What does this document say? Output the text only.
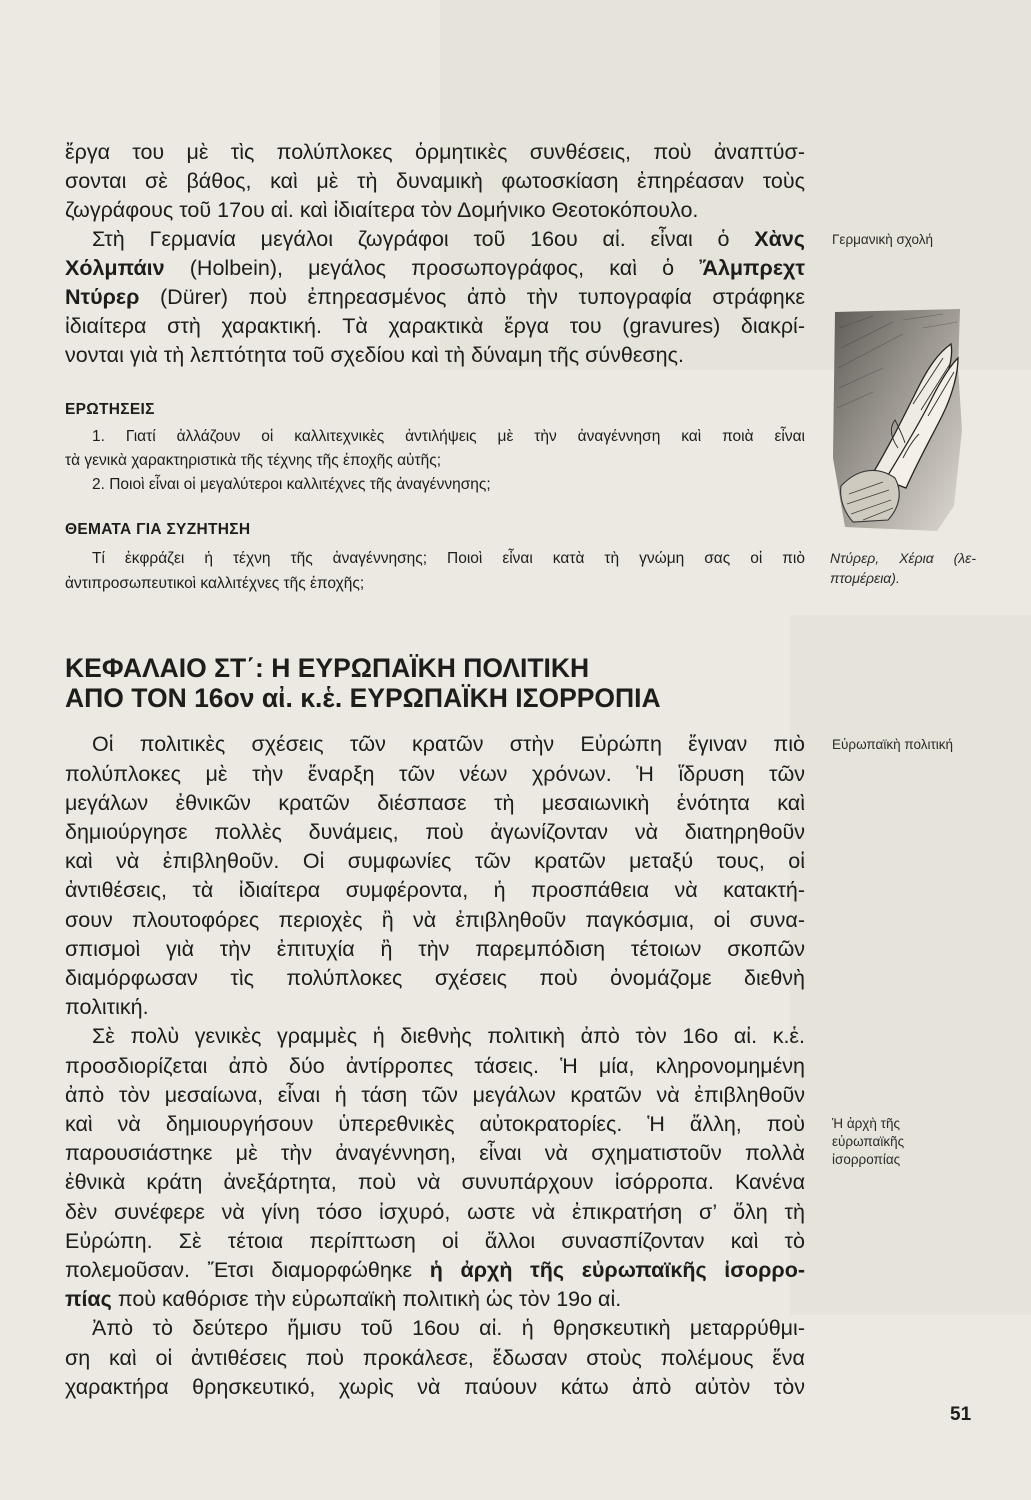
ἔργα του μὲ τὶς πολύπλοκες ὁρμητικὲς συνθέσεις, ποὺ ἀναπτύσ-
σονται σὲ βάθος, καὶ μὲ τὴ δυναμικὴ φωτοσκίαση ἐπηρέασαν τοὺς
ζωγράφους τοῦ 17ου αἰ. καὶ ἰδιαίτερα τὸν Δομήνικο Θεοτοκόπουλο.
Στὴ Γερμανία μεγάλοι ζωγράφοι τοῦ 16ου αἰ. εἶναι ὁ Χὰνς
Χόλμπάιν (Holbein), μεγάλος προσωπογράφος, καὶ ὁ Ἄλμπρεχτ
Ντύρερ (Dürer) ποὺ ἐπηρεασμένος ἀπὸ τὴν τυπογραφία στράφηκε
ἰδιαίτερα στὴ χαρακτική. Τὰ χαρακτικὰ ἔργα του (gravures) διακρί-
νονται γιὰ τὴ λεπτότητα τοῦ σχεδίου καὶ τὴ δύναμη τῆς σύνθεσης.
Γερμανικὴ σχολή
Ντύρερ, Χέρια (λε-
πτομέρεια).
ΕΡΩΤΗΣΕΙΣ
1. Γιατί ἀλλάζουν οἱ καλλιτεχνικὲς ἀντιλήψεις μὲ τὴν ἀναγέννηση καὶ ποιὰ εἶναι
τὰ γενικὰ χαρακτηριστικὰ τῆς τέχνης τῆς ἐποχῆς αὐτῆς;
2. Ποιοὶ εἶναι οἱ μεγαλύτεροι καλλιτέχνες τῆς ἀναγέννησης;
ΘΕΜΑΤΑ ΓΙΑ ΣΥΖΗΤΗΣΗ
Τί ἐκφράζει ἡ τέχνη τῆς ἀναγέννησης; Ποιοὶ εἶναι κατὰ τὴ γνώμη σας οἱ πιὸ
ἀντιπροσωπευτικοὶ καλλιτέχνες τῆς ἐποχῆς;
ΚΕΦΑΛΑΙΟ ΣΤ΄: Η ΕΥΡΩΠΑΪΚΗ ΠΟΛΙΤΙΚΗ
ΑΠΟ ΤΟΝ 16ον αἰ. κ.ἑ. ΕΥΡΩΠΑΪΚΗ ΙΣΟΡΡΟΠΙΑ
Οἱ πολιτικὲς σχέσεις τῶν κρατῶν στὴν Εὐρώπη ἔγιναν πιὸ
πολύπλοκες μὲ τὴν ἔναρξη τῶν νέων χρόνων. Ἡ ἵδρυση τῶν
μεγάλων ἐθνικῶν κρατῶν διέσπασε τὴ μεσαιωνικὴ ἑνότητα καὶ
δημιούργησε πολλὲς δυνάμεις, ποὺ ἀγωνίζονταν νὰ διατηρηθοῦν
καὶ νὰ ἐπιβληθοῦν. Οἱ συμφωνίες τῶν κρατῶν μεταξύ τους, οἱ
ἀντιθέσεις, τὰ ἰδιαίτερα συμφέροντα, ἡ προσπάθεια νὰ κατακτή-
σουν πλουτοφόρες περιοχὲς ἢ νὰ ἐπιβληθοῦν παγκόσμια, οἱ συνα-
σπισμοὶ γιὰ τὴν ἐπιτυχία ἢ τὴν παρεμπόδιση τέτοιων σκοπῶν
διαμόρφωσαν τὶς πολύπλοκες σχέσεις ποὺ ὀνομάζομε διεθνὴ
πολιτική.
Σὲ πολὺ γενικὲς γραμμὲς ἡ διεθνὴς πολιτικὴ ἀπὸ τὸν 16ο αἰ. κ.ἑ.
προσδιορίζεται ἀπὸ δύο ἀντίρροπες τάσεις. Ἡ μία, κληρονομημένη
ἀπὸ τὸν μεσαίωνα, εἶναι ἡ τάση τῶν μεγάλων κρατῶν νὰ ἐπιβληθοῦν
καὶ νὰ δημιουργήσουν ὑπερεθνικὲς αὐτοκρατορίες. Ἡ ἄλλη, ποὺ
παρουσιάστηκε μὲ τὴν ἀναγέννηση, εἶναι νὰ σχηματιστοῦν πολλὰ
ἐθνικὰ κράτη ἀνεξάρτητα, ποὺ νὰ συνυπάρχουν ἰσόρροπα. Κανένα
δὲν συνέφερε νὰ γίνη τόσο ἰσχυρό, ωστε νὰ ἐπικρατήση σ’ ὅλη τὴ
Εὐρώπη. Σὲ τέτοια περίπτωση οἱ ἄλλοι συνασπίζονταν καὶ τὸ
πολεμοῦσαν. Ἔτσι διαμορφώθηκε ἡ ἀρχὴ τῆς εὐρωπαϊκῆς ἰσορρο-
πίας ποὺ καθόρισε τὴν εὐρωπαϊκὴ πολιτικὴ ὡς τὸν 19ο αἰ.
Ἀπὸ τὸ δεύτερο ἥμισυ τοῦ 16ου αἰ. ἡ θρησκευτικὴ μεταρρύθμι-
ση καὶ οἱ ἀντιθέσεις ποὺ προκάλεσε, ἔδωσαν στοὺς πολέμους ἕνα
χαρακτήρα θρησκευτικό, χωρὶς νὰ παύουν κάτω ἀπὸ αὐτὸν τὸν
Εὐρωπαϊκὴ πολιτική
Ἡ ἀρχὴ τῆς
εὐρωπαϊκῆς
ἰσορροπίας
51
